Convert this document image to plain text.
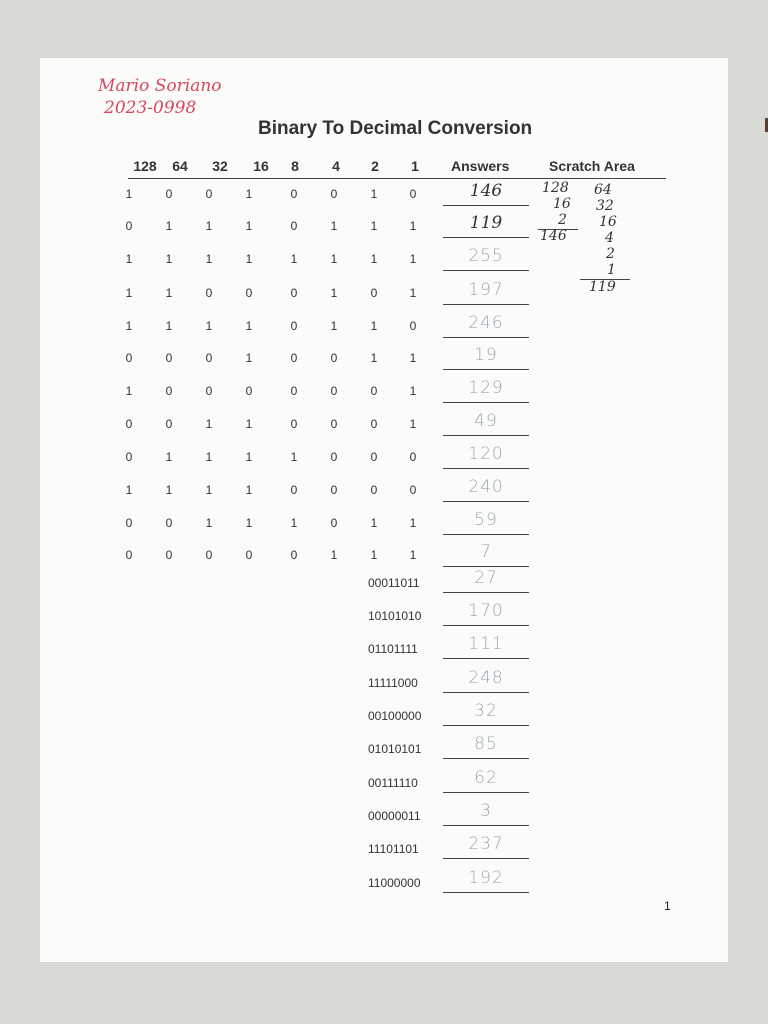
Mario Soriano
2023-0998
Binary To Decimal Conversion
128	64	32	16	8	4	2	1	Answers	Scratch Area
1	0	0	1	0	0	1	0	146
0	1	1	1	0	1	1	1	119
1	1	1	1	1	1	1	1	255
1	1	0	0	0	1	0	1	197
1	1	1	1	0	1	1	0	246
0	0	0	1	0	0	1	1	19
1	0	0	0	0	0	0	1	129
0	0	1	1	0	0	0	1	49
0	1	1	1	1	0	0	0	120
1	1	1	1	0	0	0	0	240
0	0	1	1	1	0	1	1	59
0	0	0	0	0	1	1	1	7
00011011	27
10101010	170
01101111	111
11111000	248
00100000	32
01010101	85
00111110	62
00000011	3
11101101	237
11000000	192
128
16
2
146
64
32
16
4
2
1
119
1
